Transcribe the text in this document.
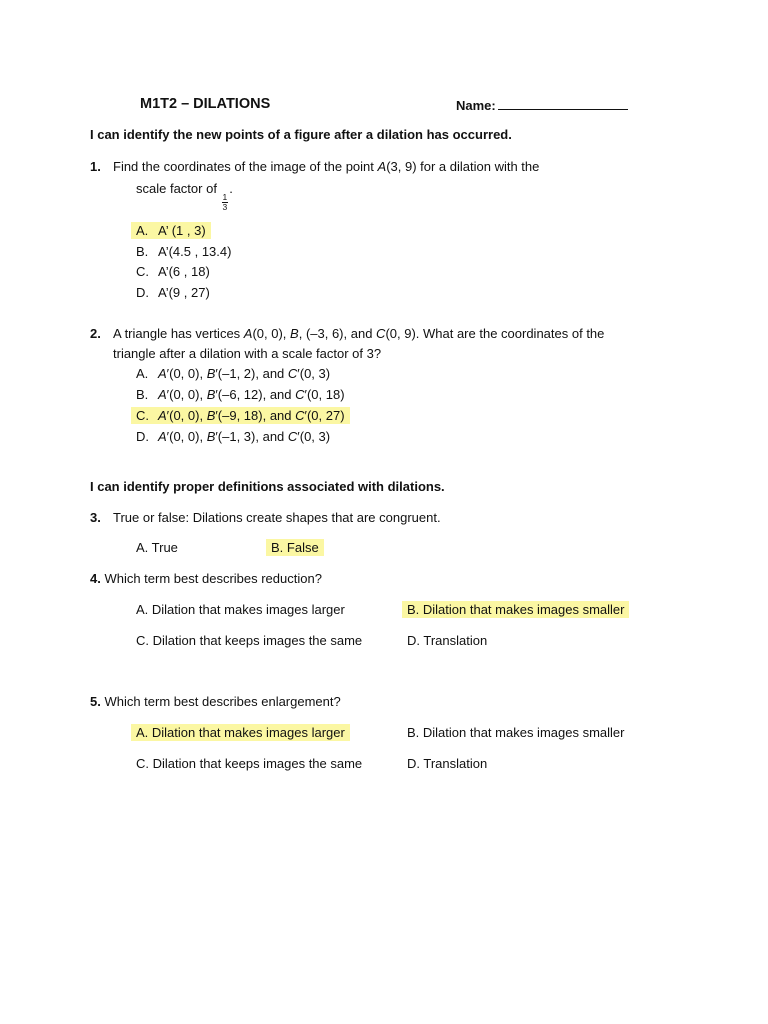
M1T2 – DILATIONS	Name:
I can identify the new points of a figure after a dilation has occurred.
1. Find the coordinates of the image of the point A(3, 9) for a dilation with the
scale factor of
$\frac{1}{3}$
.
A. A’ (1 , 3)
B. A’(4.5 , 13.4)
C. A’(6 , 18)
D. A’(9 , 27)
2. A triangle has vertices A(0, 0), B, (–3, 6), and C(0, 9). What are the coordinates of the
triangle after a dilation with a scale factor of 3?
A. A′(0, 0), B′(–1, 2), and C′(0, 3)
B. A′(0, 0), B′(–6, 12), and C′(0, 18)
C. A′(0, 0), B′(–9, 18), and C′(0, 27)
D. A′(0, 0), B′(–1, 3), and C′(0, 3)
I can identify proper definitions associated with dilations.
3. True or false: Dilations create shapes that are congruent.
A. True	B. False
4. Which term best describes reduction?
A. Dilation that makes images larger	B. Dilation that makes images smaller
C. Dilation that keeps images the same	D. Translation
5. Which term best describes enlargement?
A. Dilation that makes images larger	B. Dilation that makes images smaller
C. Dilation that keeps images the same	D. Translation
